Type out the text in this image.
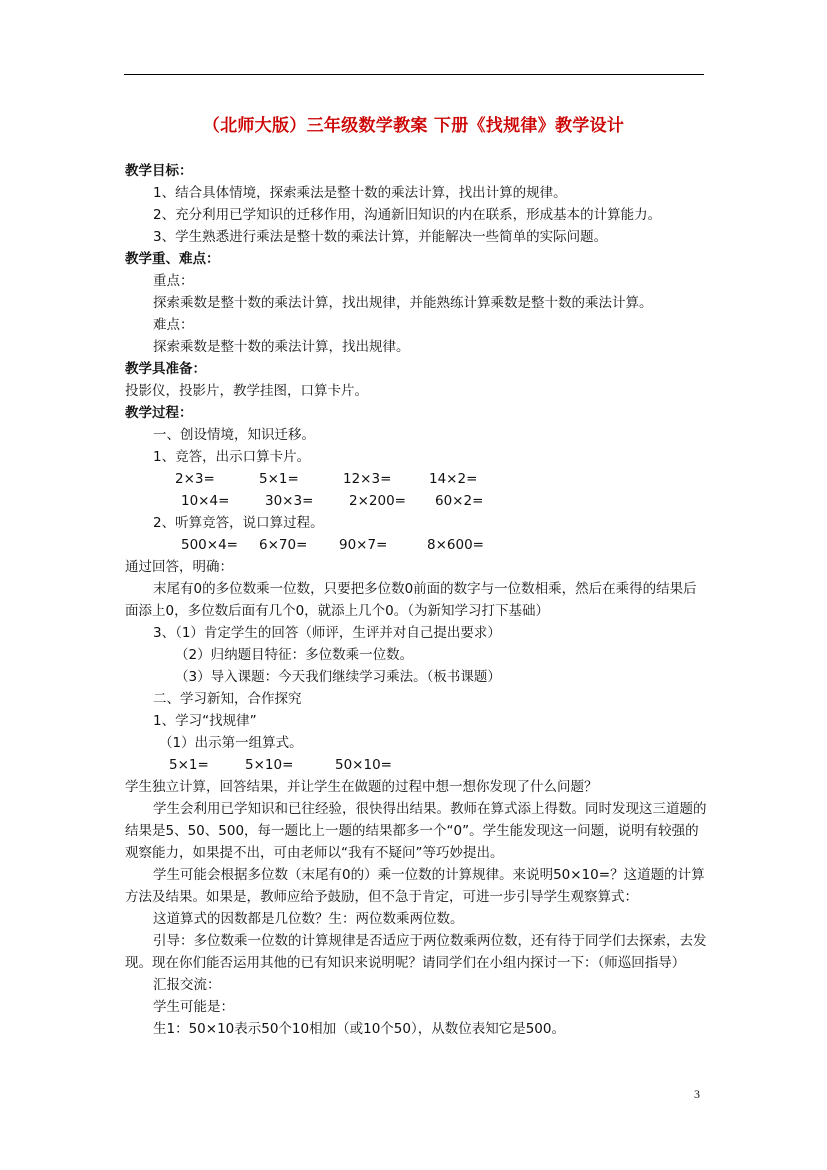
（北师大版）三年级数学教案 下册《找规律》教学设计

教学目标：

1、结合具体情境，探索乘法是整十数的乘法计算，找出计算的规律。

2、充分利用已学知识的迁移作用，沟通新旧知识的内在联系，形成基本的计算能力。

3、学生熟悉进行乘法是整十数的乘法计算，并能解决一些简单的实际问题。

教学重、难点：

重点：

探索乘数是整十数的乘法计算，找出规律，并能熟练计算乘数是整十数的乘法计算。

难点：

探索乘数是整十数的乘法计算，找出规律。

教学具准备：

投影仪，投影片，教学挂图，口算卡片。

教学过程：

一、创设情境，知识迁移。

1、竞答，出示口算卡片。

2×3=	5×1=	12×3=	14×2=

10×4=	30×3=	2×200= 60×2=

2、听算竞答，说口算过程。

500×4= 6×70= 90×7=	8×600=

通过回答，明确：

末尾有0的多位数乘一位数，只要把多位数0前面的数字与一位数相乘，然后在乘得的结果后面添上0，多位数后面有几个0，就添上几个0。（为新知学习打下基础）

3、（1）肯定学生的回答（师评，生评并对自己提出要求）

（2）归纳题目特征：多位数乘一位数。

（3）导入课题：今天我们继续学习乘法。（板书课题）

二、学习新知，合作探究

1、学习“找规律”

（1）出示第一组算式。

5×1=	5×10=	50×10=

学生独立计算，回答结果，并让学生在做题的过程中想一想你发现了什么问题？

学生会利用已学知识和已往经验，很快得出结果。教师在算式添上得数。同时发现这三道题的结果是5、50、500，每一题比上一题的结果都多一个“0”。学生能发现这一问题，说明有较强的观察能力，如果提不出，可由老师以“我有不疑问”等巧妙提出。

学生可能会根据多位数（末尾有0的）乘一位数的计算规律。来说明50×10=？这道题的计算方法及结果。如果是，教师应给予鼓励，但不急于肯定，可进一步引导学生观察算式：

这道算式的因数都是几位数？生：两位数乘两位数。

引导：多位数乘一位数的计算规律是否适应于两位数乘两位数，还有待于同学们去探索，去发现。现在你们能否运用其他的已有知识来说明呢？请同学们在小组内探讨一下：（师巡回指导）

汇报交流：

学生可能是：

生1：50×10表示50个10相加（或10个50），从数位表知它是500。

3
